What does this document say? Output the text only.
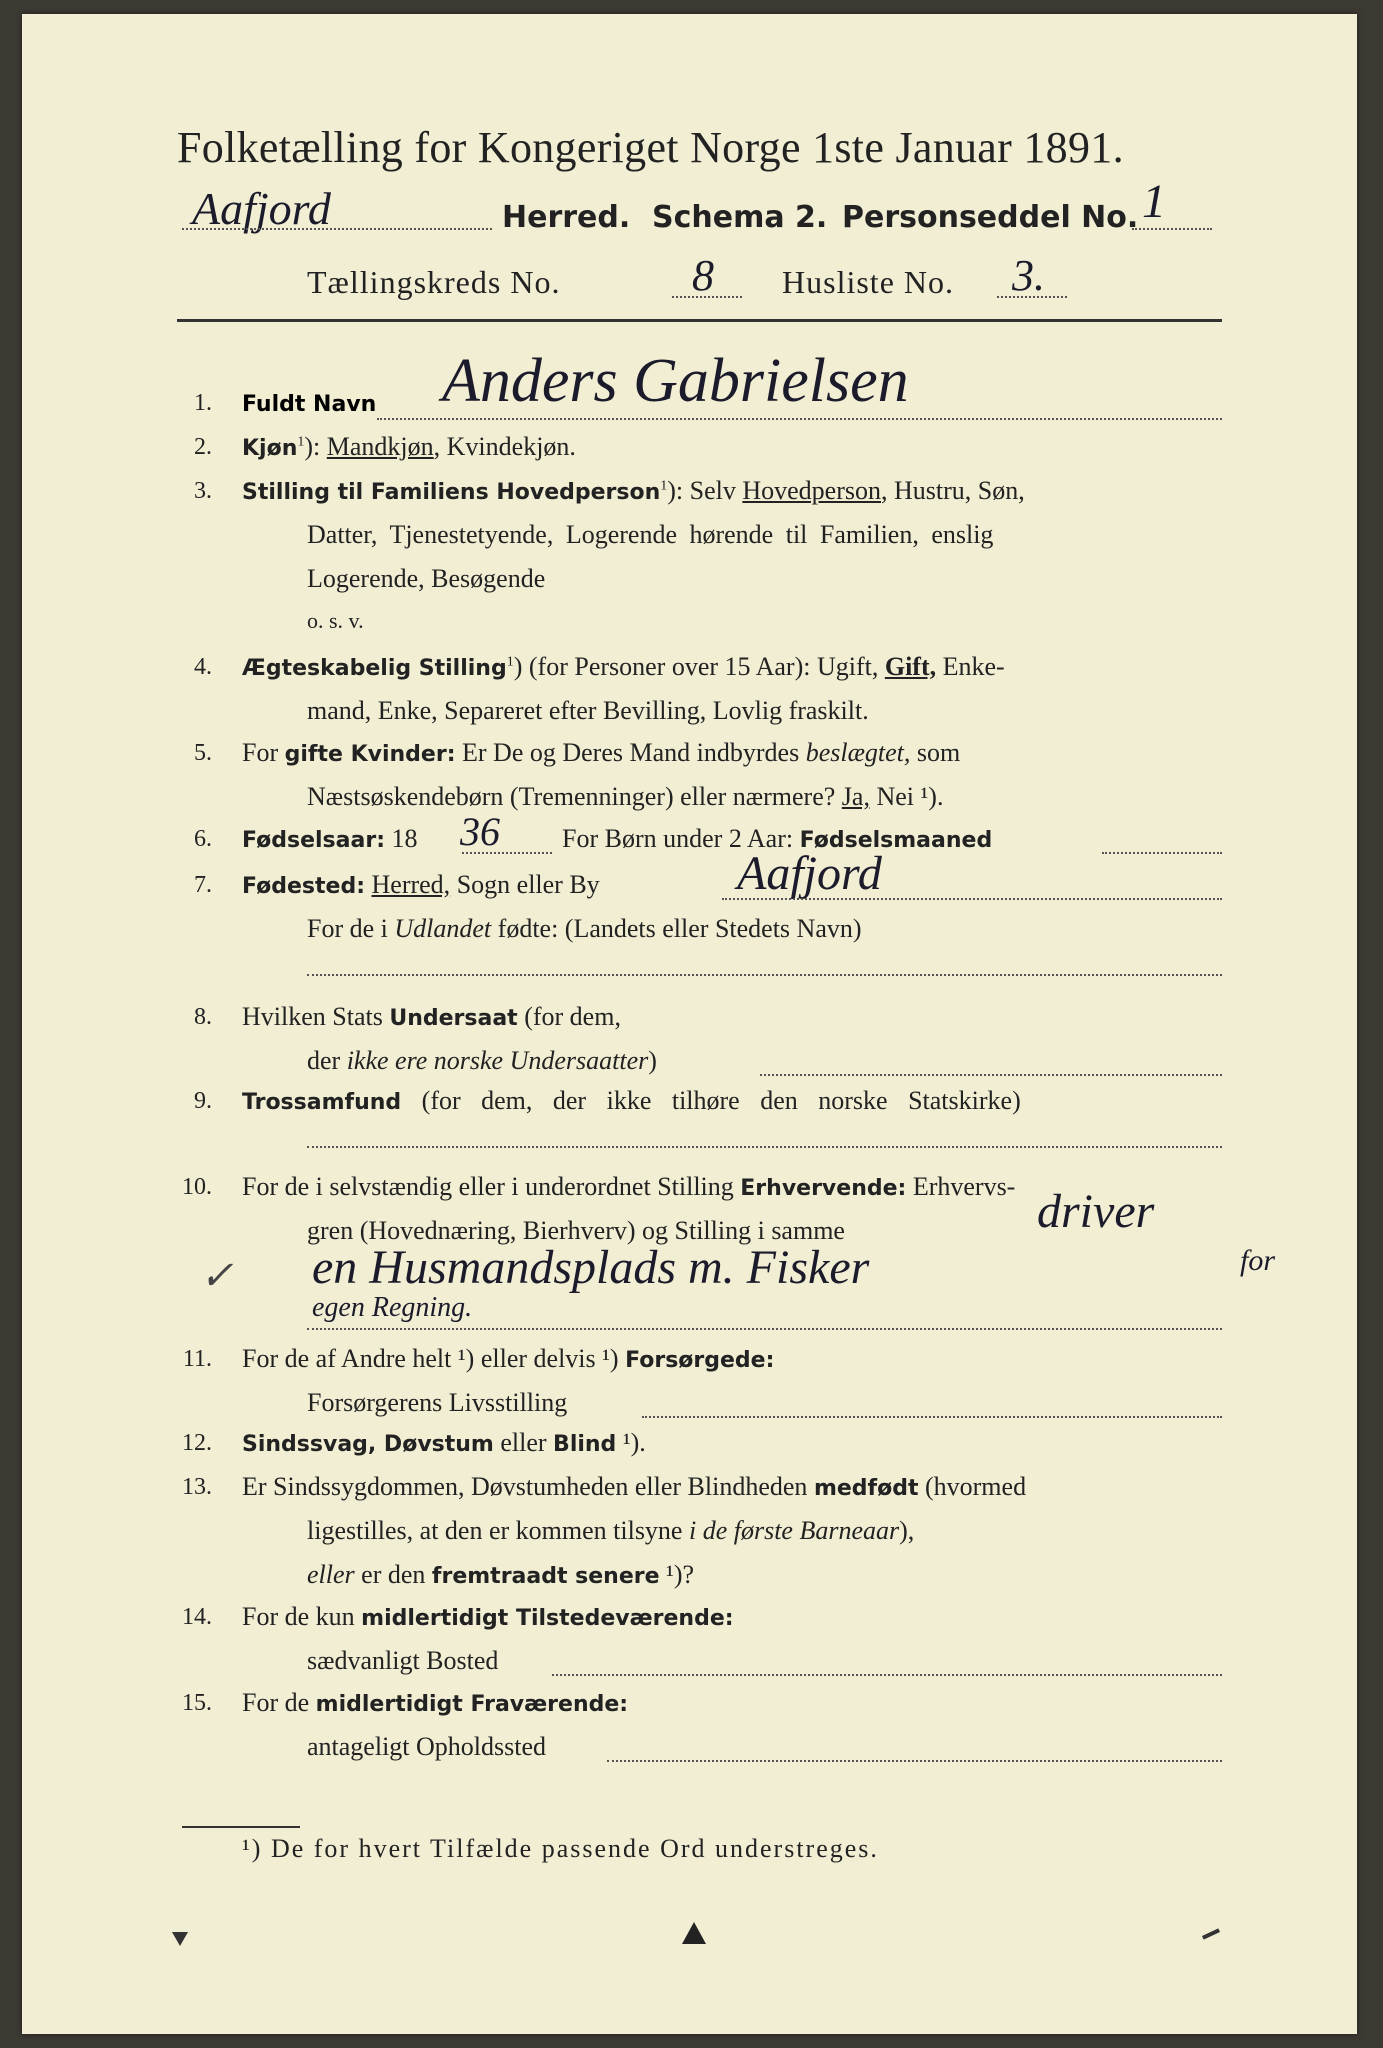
Folketælling for Kongeriget Norge 1ste Januar 1891.
Aafjord	Herred. Schema 2. Personseddel No. 1
Tællingskreds No.	8 Husliste No. 3.
1. Fuldt Navn Anders Gabrielsen
2. Kjøn$^1$): Mandkjøn, Kvindekjøn.
3. Stilling til Familiens Hovedperson$^1$): Selv Hovedperson, Hustru, Søn,
Datter, Tjenestetyende, Logerende hørende til Familien, enslig
Logerende, Besøgende
o. s. v.
4. Ægteskabelig Stilling$^1$) (for Personer over 15 Aar): Ugift, Gift, Enke-
mand, Enke, Separeret efter Bevilling, Lovlig fraskilt.
5. For gifte Kvinder: Er De og Deres Mand indbyrdes beslægtet, som
Næstsøskendebørn (Tremenninger) eller nærmere? Ja, Nei ¹).
6. Fødselsaar: 18 36 For Børn under 2 Aar: Fødselsmaaned
7. Fødested: Herred, Sogn eller By	Aafjord
For de i Udlandet fødte: (Landets eller Stedets Navn)
8. Hvilken Stats Undersaat (for dem,
der ikke ere norske Undersaatter)
9. Trossamfund (for dem, der ikke tilhøre den norske Statskirke)
10. For de i selvstændig eller i underordnet Stilling Erhvervende: Erhvervs-
gren (Hovednæring, Bierhverv) og Stilling i samme	driver
✓ en Husmandsplads m. Fisker	for
egen Regning.
11. For de af Andre helt ¹) eller delvis ¹) Forsørgede:
Forsørgerens Livsstilling
12. Sindssvag, Døvstum eller Blind ¹).
13. Er Sindssygdommen, Døvstumheden eller Blindheden medfødt (hvormed
ligestilles, at den er kommen tilsyne i de første Barneaar),
eller er den fremtraadt senere ¹)?
14. For de kun midlertidigt Tilstedeværende:
sædvanligt Bosted
15. For de midlertidigt Fraværende:
antageligt Opholdssted
¹) De for hvert Tilfælde passende Ord understreges.
